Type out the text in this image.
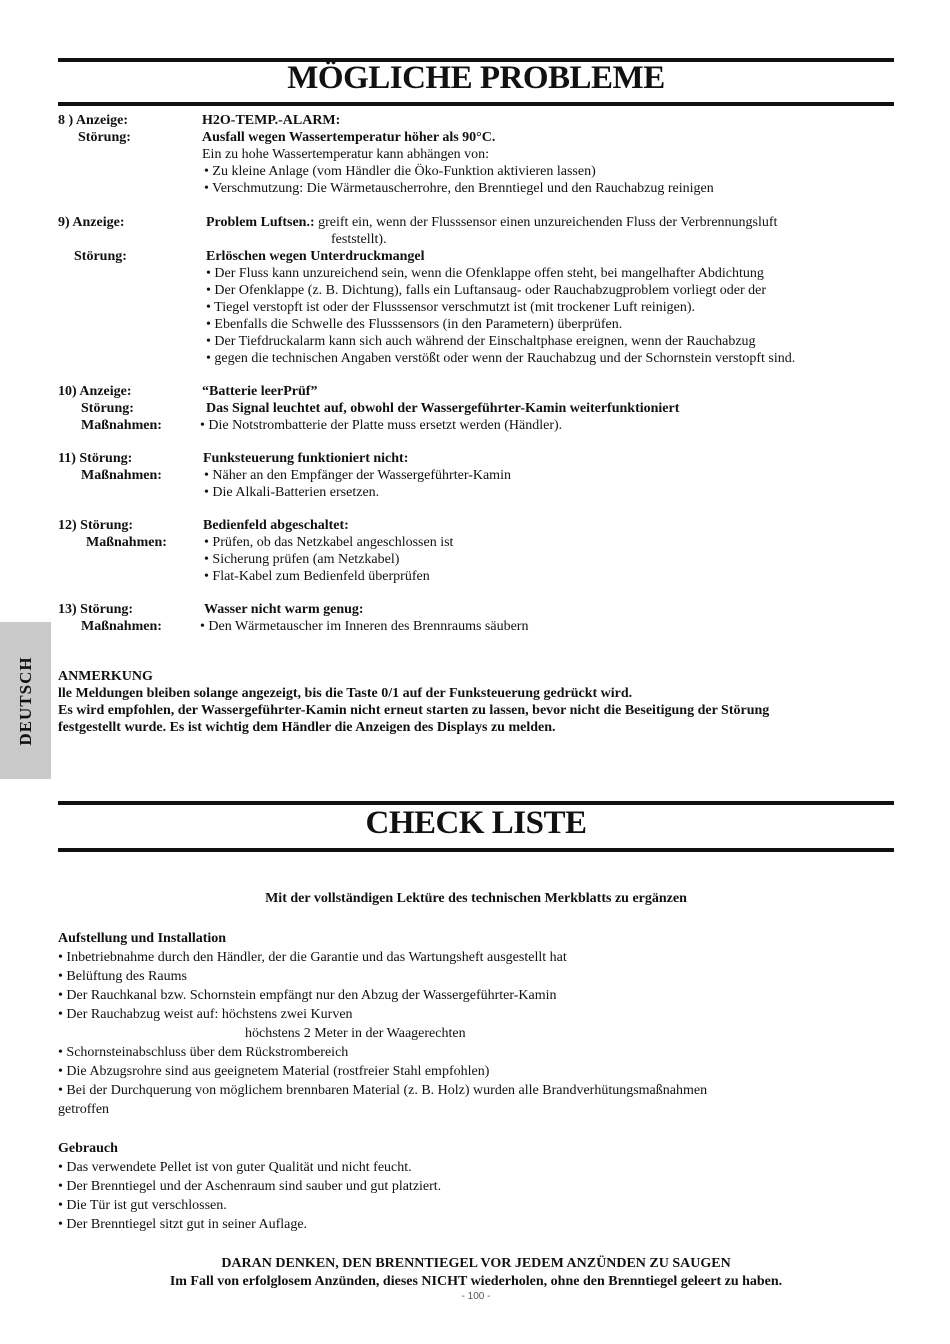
DEUTSCH
MÖGLICHE PROBLEME
8 ) Anzeige:	H2O-TEMP.-ALARM:
Störung:	Ausfall wegen Wassertemperatur höher als 90°C.
Ein zu hohe Wassertemperatur kann abhängen von:
• Zu kleine Anlage (vom Händler die Öko-Funktion aktivieren lassen)
• Verschmutzung: Die Wärmetauscherrohre, den Brenntiegel und den Rauchabzug reinigen
9) Anzeige:	Problem Luftsen.: greift ein, wenn der Flusssensor einen unzureichenden Fluss der Verbrennungsluft
feststellt).
Störung:	Erlöschen wegen Unterdruckmangel
• Der Fluss kann unzureichend sein, wenn die Ofenklappe offen steht, bei mangelhafter Abdichtung
• Der Ofenklappe (z. B. Dichtung), falls ein Luftansaug- oder Rauchabzugproblem vorliegt oder der
• Tiegel verstopft ist oder der Flusssensor verschmutzt ist (mit trockener Luft reinigen).
• Ebenfalls die Schwelle des Flusssensors (in den Parametern) überprüfen.
• Der Tiefdruckalarm kann sich auch während der Einschaltphase ereignen, wenn der Rauchabzug
• gegen die technischen Angaben verstößt oder wenn der Rauchabzug und der Schornstein verstopft sind.
10) Anzeige:	“Batterie leerPrüf”
Störung:	Das Signal leuchtet auf, obwohl der Wassergeführter-Kamin weiterfunktioniert
Maßnahmen:	• Die Notstrombatterie der Platte muss ersetzt werden (Händler).
11) Störung:	Funksteuerung funktioniert nicht:
Maßnahmen:	• Näher an den Empfänger der Wassergeführter-Kamin
• Die Alkali-Batterien ersetzen.
12) Störung:	Bedienfeld abgeschaltet:
Maßnahmen:	• Prüfen, ob das Netzkabel angeschlossen ist
• Sicherung prüfen (am Netzkabel)
• Flat-Kabel zum Bedienfeld überprüfen
13) Störung:	Wasser nicht warm genug:
Maßnahmen:	• Den Wärmetauscher im Inneren des Brennraums säubern
ANMERKUNG
lle Meldungen bleiben solange angezeigt, bis die Taste 0/1 auf der Funksteuerung gedrückt wird.
Es wird empfohlen, der Wassergeführter-Kamin nicht erneut starten zu lassen, bevor nicht die Beseitigung der Störung
festgestellt wurde. Es ist wichtig dem Händler die Anzeigen des Displays zu melden.
CHECK LISTE
Mit der vollständigen Lektüre des technischen Merkblatts zu ergänzen
Aufstellung und Installation
• Inbetriebnahme durch den Händler, der die Garantie und das Wartungsheft ausgestellt hat
• Belüftung des Raums
• Der Rauchkanal bzw. Schornstein empfängt nur den Abzug der Wassergeführter-Kamin
• Der Rauchabzug weist auf: höchstens zwei Kurven
höchstens 2 Meter in der Waagerechten
• Schornsteinabschluss über dem Rückstrombereich
• Die Abzugsrohre sind aus geeignetem Material (rostfreier Stahl empfohlen)
• Bei der Durchquerung von möglichem brennbaren Material (z. B. Holz) wurden alle Brandverhütungsmaßnahmen
getroffen
Gebrauch
• Das verwendete Pellet ist von guter Qualität und nicht feucht.
• Der Brenntiegel und der Aschenraum sind sauber und gut platziert.
• Die Tür ist gut verschlossen.
• Der Brenntiegel sitzt gut in seiner Auflage.
DARAN DENKEN, DEN BRENNTIEGEL VOR JEDEM ANZÜNDEN ZU SAUGEN
Im Fall von erfolglosem Anzünden, dieses NICHT wiederholen, ohne den Brenntiegel geleert zu haben.
- 100 -
